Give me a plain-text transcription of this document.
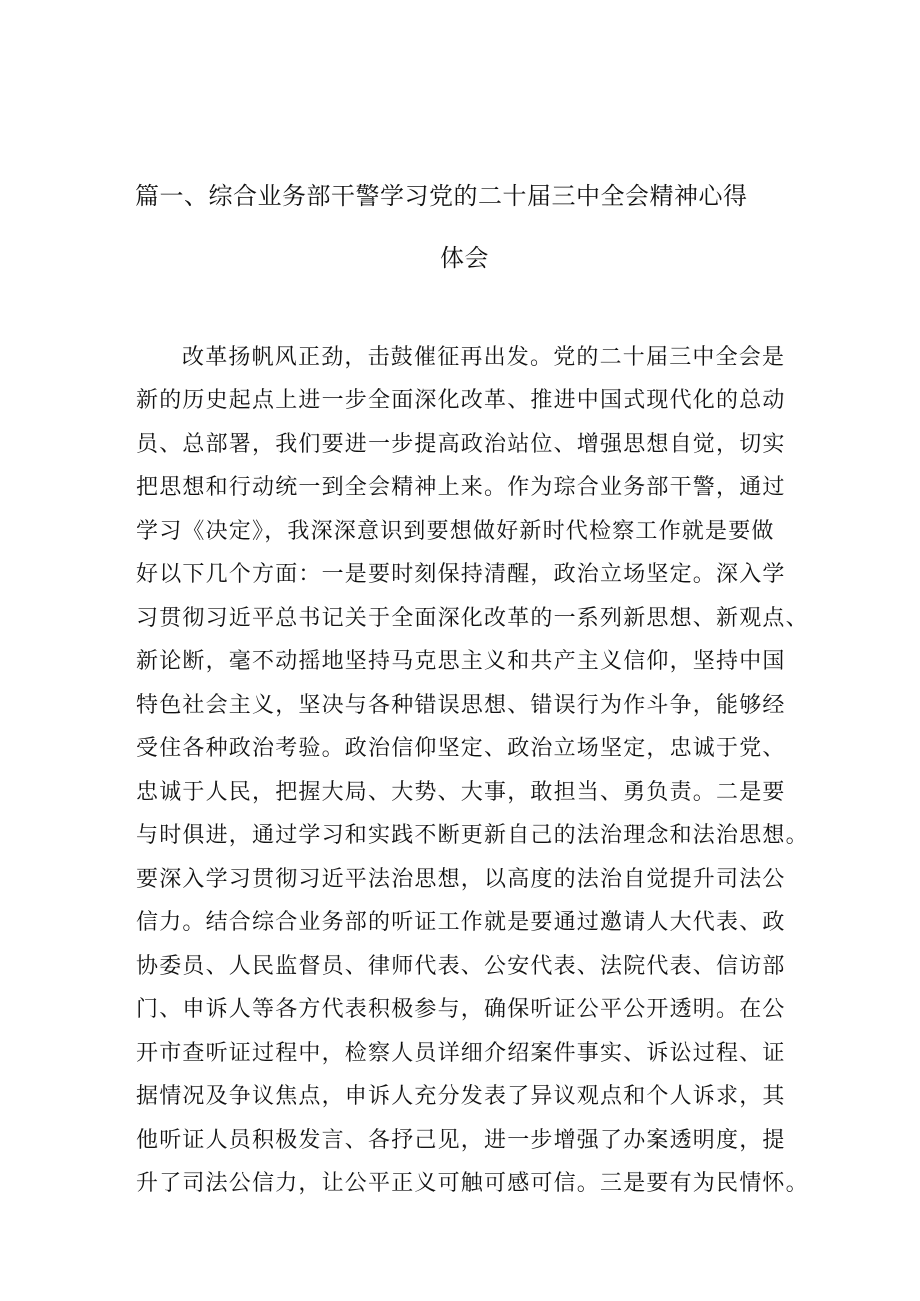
篇一、综合业务部干警学习党的二十届三中全会精神心得
体会
改革扬帆风正劲，击鼓催征再出发。党的二十届三中全会是
新的历史起点上进一步全面深化改革、推进中国式现代化的总动
员、总部署，我们要进一步提高政治站位、增强思想自觉，切实
把思想和行动统一到全会精神上来。作为琮合业务部干警，通过
学习《决定》，我深深意识到要想做好新时代检察工作就是要做
好以下几个方面：一是要时刻保持清醒，政治立场坚定。深入学
习贯彻习近平总书记关于全面深化改革的一系列新思想、新观点、
新论断，毫不动摇地坚持马克思主义和共产主义信仰，坚持中国
特色社会主义，坚决与各种错误思想、错误行为作斗争，能够经
受住各种政治考验。政治信仰坚定、政治立场坚定，忠诚于党、
忠诚于人民，把握大局、大势、大事，敢担当、勇负责。二是要
与时俱进，通过学习和实践不断更新自己的法治理念和法治思想。
要深入学习贯彻习近平法治思想，以高度的法治自觉提升司法公
信力。结合综合业务部的听证工作就是要通过邀请人大代表、政
协委员、人民监督员、律师代表、公安代表、法院代表、信访部
门、申诉人等各方代表积极参与，确保听证公平公开透明。在公
开市查听证过程中，检察人员详细介绍案件事实、诉讼过程、证
据情况及争议焦点，申诉人充分发表了异议观点和个人诉求，其
他听证人员积极发言、各抒己见，进一步增强了办案透明度，提
升了司法公信力，让公平正义可触可感可信。三是要有为民情怀。
